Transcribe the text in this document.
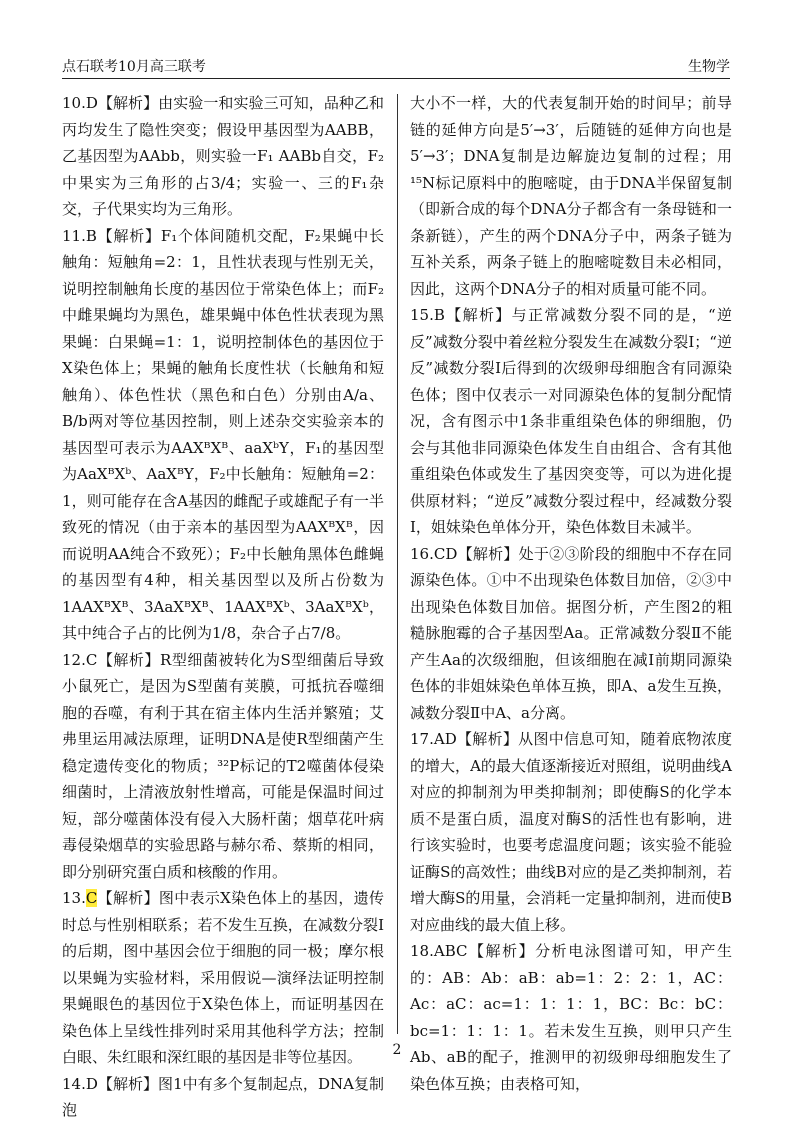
点石联考10月高三联考	生物学

10.D【解析】由实验一和实验三可知，品种乙和丙均发生了隐性突变；假设甲基因型为AABB，乙基因型为AAbb，则实验一F₁ AABb自交，F₂中果实为三角形的占3/4；实验一、三的F₁杂交，子代果实均为三角形。

11.B【解析】F₁个体间随机交配，F₂果蝇中长触角：短触角=2：1，且性状表现与性别无关，说明控制触角长度的基因位于常染色体上；而F₂中雌果蝇均为黑色，雄果蝇中体色性状表现为黑果蝇：白果蝇=1：1，说明控制体色的基因位于X染色体上；果蝇的触角长度性状（长触角和短触角）、体色性状（黑色和白色）分别由A/a、B/b两对等位基因控制，则上述杂交实验亲本的基因型可表示为AAXᴮXᴮ、aaXᵇY，F₁的基因型为AaXᴮXᵇ、AaXᴮY，F₂中长触角：短触角=2：1，则可能存在含A基因的雌配子或雄配子有一半致死的情况（由于亲本的基因型为AAXᴮXᴮ，因而说明AA纯合不致死）；F₂中长触角黑体色雌蝇的基因型有4种，相关基因型以及所占份数为1AAXᴮXᴮ、3AaXᴮXᴮ、1AAXᴮXᵇ、3AaXᴮXᵇ，其中纯合子占的比例为1/8，杂合子占7/8。

12.C【解析】R型细菌被转化为S型细菌后导致小鼠死亡，是因为S型菌有荚膜，可抵抗吞噬细胞的吞噬，有利于其在宿主体内生活并繁殖；艾弗里运用减法原理，证明DNA是使R型细菌产生稳定遗传变化的物质；³²P标记的T2噬菌体侵染细菌时，上清液放射性增高，可能是保温时间过短，部分噬菌体没有侵入大肠杆菌；烟草花叶病毒侵染烟草的实验思路与赫尔希、蔡斯的相同，即分别研究蛋白质和核酸的作用。

13.C【解析】图中表示X染色体上的基因，遗传时总与性别相联系；若不发生互换，在减数分裂Ⅰ的后期，图中基因会位于细胞的同一极；摩尔根以果蝇为实验材料，采用假说—演绎法证明控制果蝇眼色的基因位于X染色体上，而证明基因在染色体上呈线性排列时采用其他科学方法；控制白眼、朱红眼和深红眼的基因是非等位基因。

14.D【解析】图1中有多个复制起点，DNA复制泡

大小不一样，大的代表复制开始的时间早；前导链的延伸方向是5′→3′，后随链的延伸方向也是5′→3′；DNA复制是边解旋边复制的过程；用¹⁵N标记原料中的胞嘧啶，由于DNA半保留复制（即新合成的每个DNA分子都含有一条母链和一条新链），产生的两个DNA分子中，两条子链为互补关系，两条子链上的胞嘧啶数目未必相同，因此，这两个DNA分子的相对质量可能不同。

15.B【解析】与正常减数分裂不同的是，“逆反”减数分裂中着丝粒分裂发生在减数分裂Ⅰ；“逆反”减数分裂Ⅰ后得到的次级卵母细胞含有同源染色体；图中仅表示一对同源染色体的复制分配情况，含有图示中1条非重组染色体的卵细胞，仍会与其他非同源染色体发生自由组合、含有其他重组染色体或发生了基因突变等，可以为进化提供原材料；“逆反”减数分裂过程中，经减数分裂Ⅰ，姐妹染色单体分开，染色体数目未减半。

16.CD【解析】处于②③阶段的细胞中不存在同源染色体。①中不出现染色体数目加倍，②③中出现染色体数目加倍。据图分析，产生图2的粗糙脉胞霉的合子基因型Aa。正常减数分裂Ⅱ不能产生Aa的次级细胞，但该细胞在减Ⅰ前期同源染色体的非姐妹染色单体互换，即A、a发生互换，减数分裂Ⅱ中A、a分离。

17.AD【解析】从图中信息可知，随着底物浓度的增大，A的最大值逐渐接近对照组，说明曲线A对应的抑制剂为甲类抑制剂；即使酶S的化学本质不是蛋白质，温度对酶S的活性也有影响，进行该实验时，也要考虑温度问题；该实验不能验证酶S的高效性；曲线B对应的是乙类抑制剂，若增大酶S的用量，会消耗一定量抑制剂，进而使B对应曲线的最大值上移。

18.ABC【解析】分析电泳图谱可知，甲产生的：AB：Ab：aB：ab=1：2：2：1，AC：Ac：aC：ac=1：1：1：1，BC：Bc：bC：bc=1：1：1：1。若未发生互换，则甲只产生Ab、aB的配子，推测甲的初级卵母细胞发生了染色体互换；由表格可知，

2
